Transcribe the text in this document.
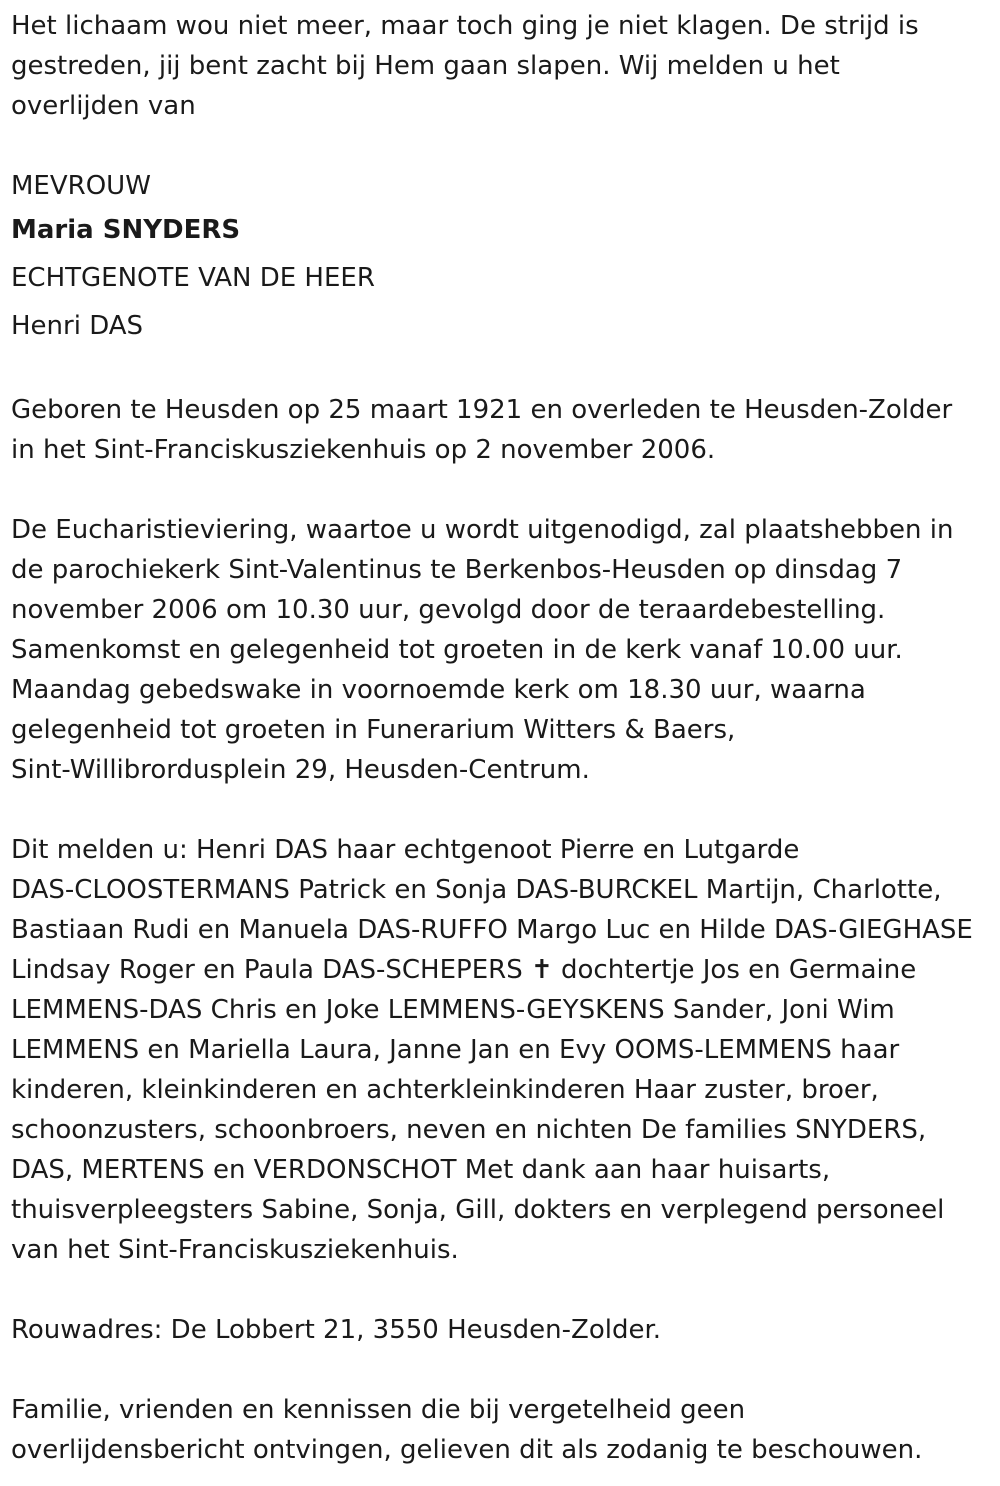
Het lichaam wou niet meer, maar toch ging je niet klagen. De strijd is
gestreden, jij bent zacht bij Hem gaan slapen. Wij melden u het
overlijden van
MEVROUW
Maria SNYDERS
ECHTGENOTE VAN DE HEER
Henri DAS
Geboren te Heusden op 25 maart 1921 en overleden te Heusden-Zolder
in het Sint-Franciskusziekenhuis op 2 november 2006.
De Eucharistieviering, waartoe u wordt uitgenodigd, zal plaatshebben in
de parochiekerk Sint-Valentinus te Berkenbos-Heusden op dinsdag 7
november 2006 om 10.30 uur, gevolgd door de teraardebestelling.
Samenkomst en gelegenheid tot groeten in de kerk vanaf 10.00 uur.
Maandag gebedswake in voornoemde kerk om 18.30 uur, waarna
gelegenheid tot groeten in Funerarium Witters & Baers,
Sint-Willibrordusplein 29, Heusden-Centrum.
Dit melden u: Henri DAS haar echtgenoot Pierre en Lutgarde
DAS-CLOOSTERMANS Patrick en Sonja DAS-BURCKEL Martijn, Charlotte,
Bastiaan Rudi en Manuela DAS-RUFFO Margo Luc en Hilde DAS-GIEGHASE
Lindsay Roger en Paula DAS-SCHEPERS ✝ dochtertje Jos en Germaine
LEMMENS-DAS Chris en Joke LEMMENS-GEYSKENS Sander, Joni Wim
LEMMENS en Mariella Laura, Janne Jan en Evy OOMS-LEMMENS haar
kinderen, kleinkinderen en achterkleinkinderen Haar zuster, broer,
schoonzusters, schoonbroers, neven en nichten De families SNYDERS,
DAS, MERTENS en VERDONSCHOT Met dank aan haar huisarts,
thuisverpleegsters Sabine, Sonja, Gill, dokters en verplegend personeel
van het Sint-Franciskusziekenhuis.
Rouwadres: De Lobbert 21, 3550 Heusden-Zolder.
Familie, vrienden en kennissen die bij vergetelheid geen
overlijdensbericht ontvingen, gelieven dit als zodanig te beschouwen.
